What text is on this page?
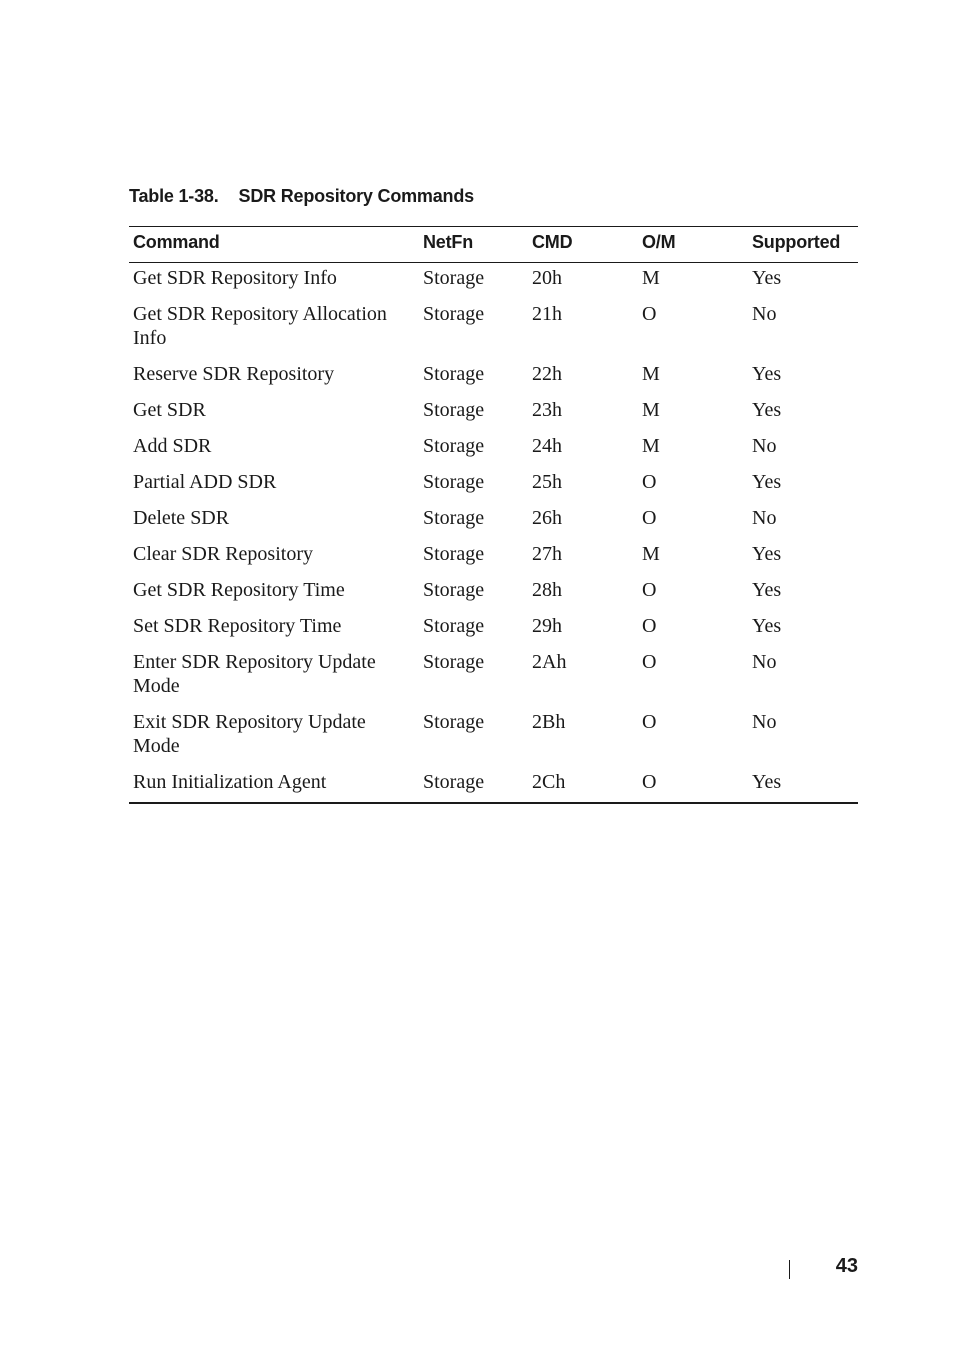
Table 1-38. SDR Repository Commands
Command	NetFn	CMD	O/M	Supported
Get SDR Repository Info	Storage	20h	M	Yes
Get SDR Repository Allocation Info	Storage	21h	O	No
Reserve SDR Repository	Storage	22h	M	Yes
Get SDR	Storage	23h	M	Yes
Add SDR	Storage	24h	M	No
Partial ADD SDR	Storage	25h	O	Yes
Delete SDR	Storage	26h	O	No
Clear SDR Repository	Storage	27h	M	Yes
Get SDR Repository Time	Storage	28h	O	Yes
Set SDR Repository Time	Storage	29h	O	Yes
Enter SDR Repository Update Mode	Storage	2Ah	O	No
Exit SDR Repository Update Mode	Storage	2Bh	O	No
Run Initialization Agent	Storage	2Ch	O	Yes
43
